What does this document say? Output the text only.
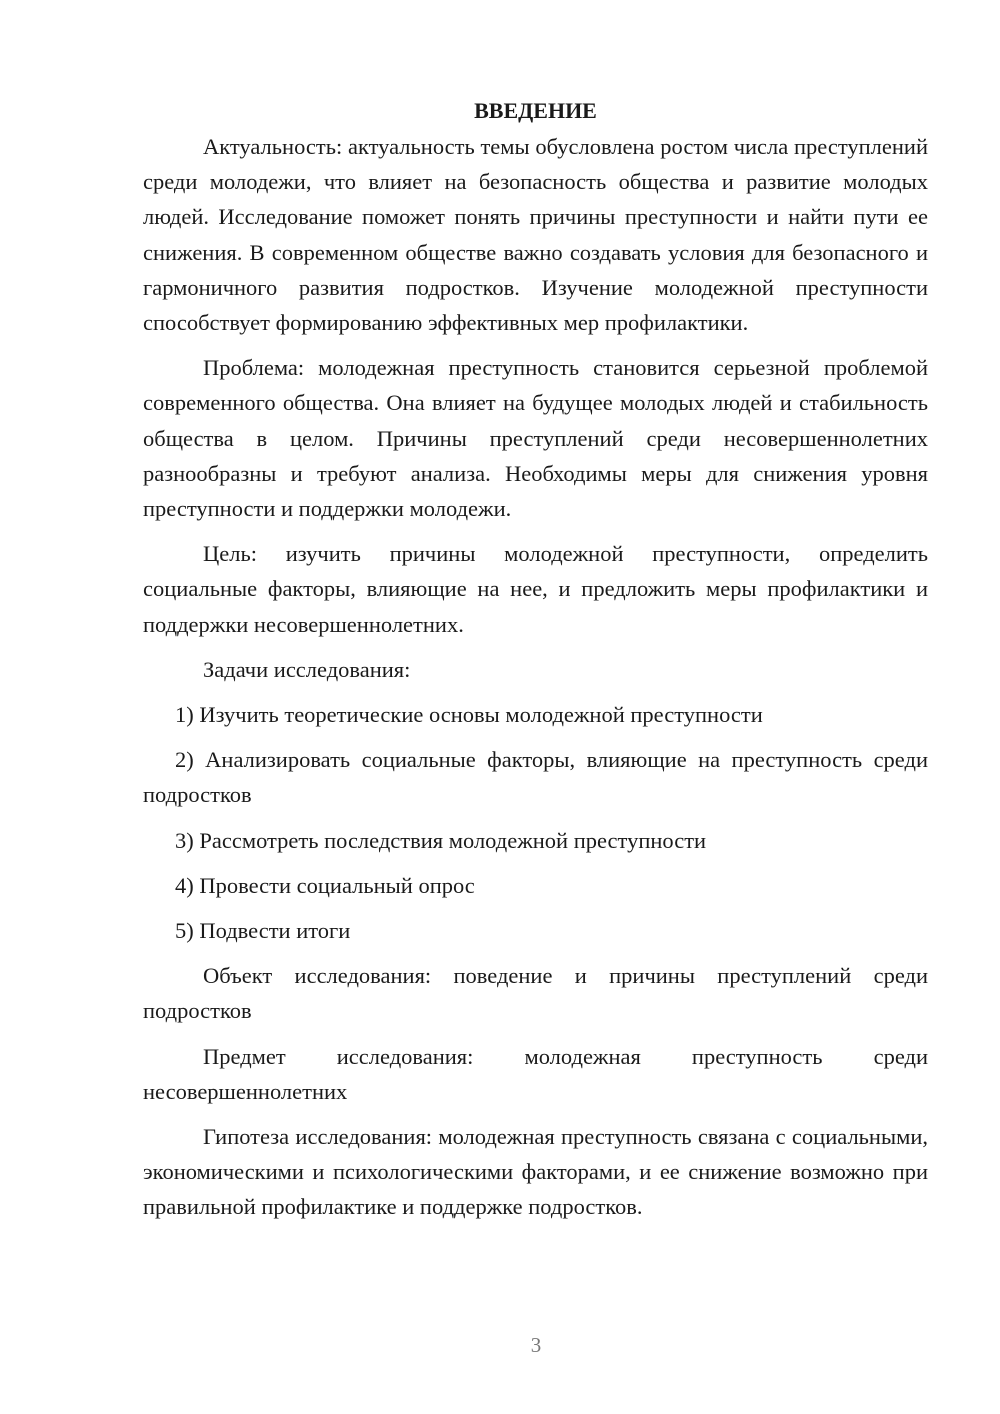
ВВЕДЕНИЕ

Актуальность: актуальность темы обусловлена ростом числа преступлений среди молодежи, что влияет на безопасность общества и развитие молодых людей. Исследование поможет понять причины преступности и найти пути ее снижения. В современном обществе важно создавать условия для безопасного и гармоничного развития подростков. Изучение молодежной преступности способствует формированию эффективных мер профилактики.

Проблема: молодежная преступность становится серьезной проблемой современного общества. Она влияет на будущее молодых людей и стабильность общества в целом. Причины преступлений среди несовершеннолетних разнообразны и требуют анализа. Необходимы меры для снижения уровня преступности и поддержки молодежи.

Цель: изучить причины молодежной преступности, определить социальные факторы, влияющие на нее, и предложить меры профилактики и поддержки несовершеннолетних.

Задачи исследования:

1) Изучить теоретические основы молодежной преступности

2) Анализировать социальные факторы, влияющие на преступность среди подростков

3) Рассмотреть последствия молодежной преступности

4) Провести социальный опрос

5) Подвести итоги

Объект исследования: поведение и причины преступлений среди подростков

Предмет исследования: молодежная преступность среди несовершеннолетних

Гипотеза исследования: молодежная преступность связана с социальными, экономическими и психологическими факторами, и ее снижение возможно при правильной профилактике и поддержке подростков.

3
